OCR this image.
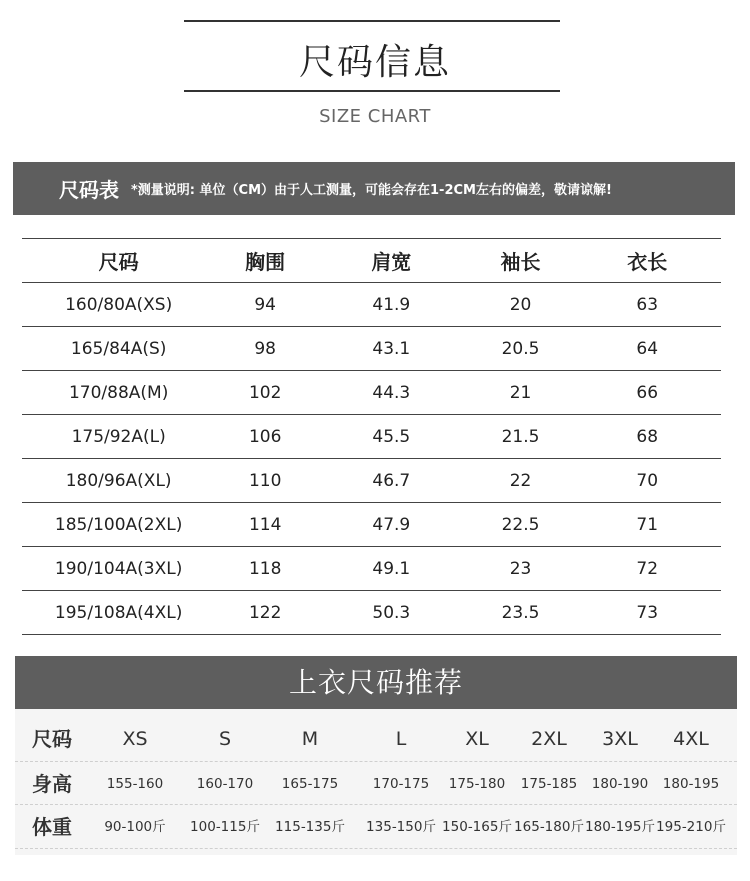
尺码信息
SIZE CHART
尺码表 *测量说明: 单位（CM）由于人工测量，可能会存在1-2CM左右的偏差，敬请谅解!
尺码	胸围	肩宽	袖长	衣长
160/80A(XS)	94	41.9	20	63
165/84A(S)	98	43.1	20.5	64
170/88A(M)	102	44.3	21	66
175/92A(L)	106	45.5	21.5	68
180/96A(XL)	110	46.7	22	70
185/100A(2XL)	114	47.9	22.5	71
190/104A(3XL)	118	49.1	23	72
195/108A(4XL)	122	50.3	23.5	73
上衣尺码推荐
尺码	XS	S	M	L	XL	2XL	3XL	4XL
身高	155-160	160-170	165-175	170-175	175-180	175-185	180-190	180-195
体重	90-100斤	100-115斤 115-135斤 135-150斤 150-165斤 165-180斤 180-195斤 195-210斤
